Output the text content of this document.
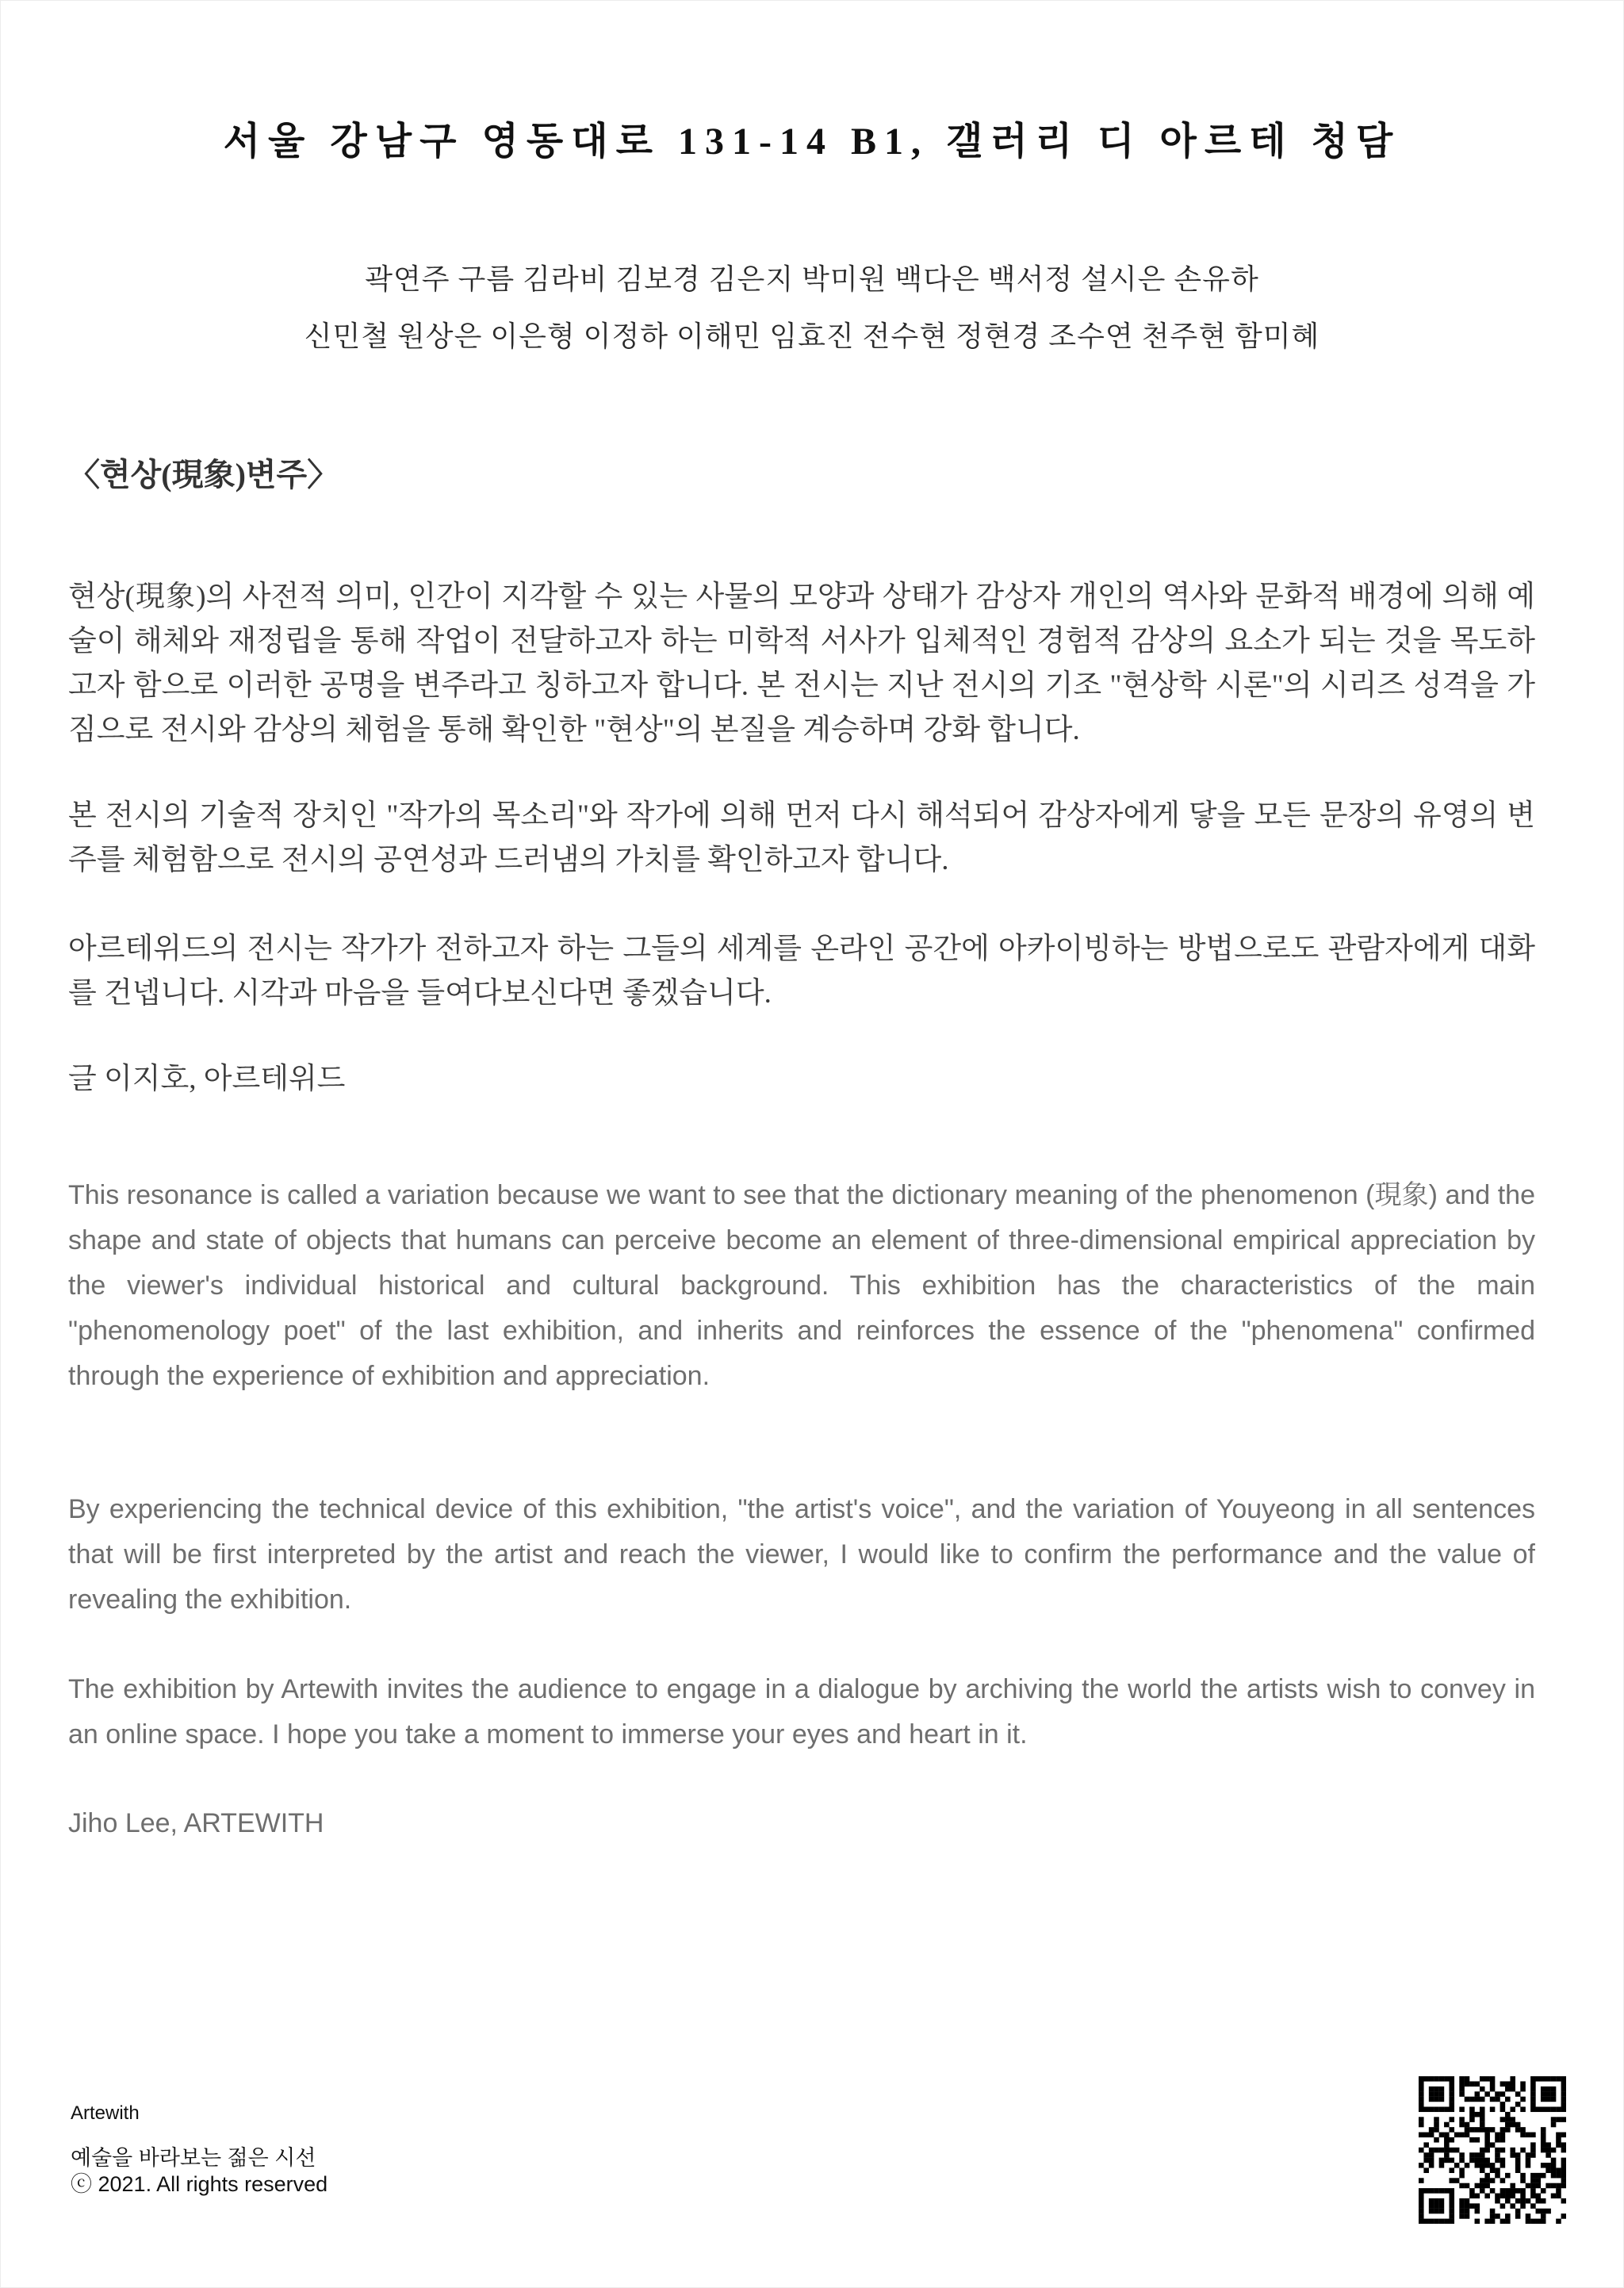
서울 강남구 영동대로 131-14 B1, 갤러리 디 아르테 청담

곽연주 구름 김라비 김보경 김은지 박미원 백다은 백서정 설시은 손유하

신민철 원상은 이은형 이정하 이해민 임효진 전수현 정현경 조수연 천주현 함미혜

〈현상(現象)변주〉

현상(現象)의 사전적 의미, 인간이 지각할 수 있는 사물의 모양과 상태가 감상자 개인의 역사와 문화적 배경에 의해 예술이 해체와 재정립을 통해 작업이 전달하고자 하는 미학적 서사가 입체적인 경험적 감상의 요소가 되는 것을 목도하고자 함으로 이러한 공명을 변주라고 칭하고자 합니다. 본 전시는 지난 전시의 기조 "현상학 시론"의 시리즈 성격을 가짐으로 전시와 감상의 체험을 통해 확인한 "현상"의 본질을 계승하며 강화 합니다.

본 전시의 기술적 장치인 "작가의 목소리"와 작가에 의해 먼저 다시 해석되어 감상자에게 닿을 모든 문장의 유영의 변주를 체험함으로 전시의 공연성과 드러냄의 가치를 확인하고자 합니다.

아르테위드의 전시는 작가가 전하고자 하는 그들의 세계를 온라인 공간에 아카이빙하는 방법으로도 관람자에게 대화를 건넵니다. 시각과 마음을 들여다보신다면 좋겠습니다.

글 이지호, 아르테위드

This resonance is called a variation because we want to see that the dictionary meaning of the phenomenon (現象) and the shape and state of objects that humans can perceive become an element of three-dimensional empirical appreciation by the viewer's individual historical and cultural background. This exhibition has the characteristics of the main "phenomenology poet" of the last exhibition, and inherits and reinforces the essence of the "phenomena" confirmed through the experience of exhibition and appreciation.

By experiencing the technical device of this exhibition, "the artist's voice", and the variation of Youyeong in all sentences that will be first interpreted by the artist and reach the viewer, I would like to confirm the performance and the value of revealing the exhibition.

The exhibition by Artewith invites the audience to engage in a dialogue by archiving the world the artists wish to convey in an online space. I hope you take a moment to immerse your eyes and heart in it.

Jiho Lee, ARTEWITH

Artewith
예술을 바라보는 젊은 시선
ⓒ 2021. All rights reserved
